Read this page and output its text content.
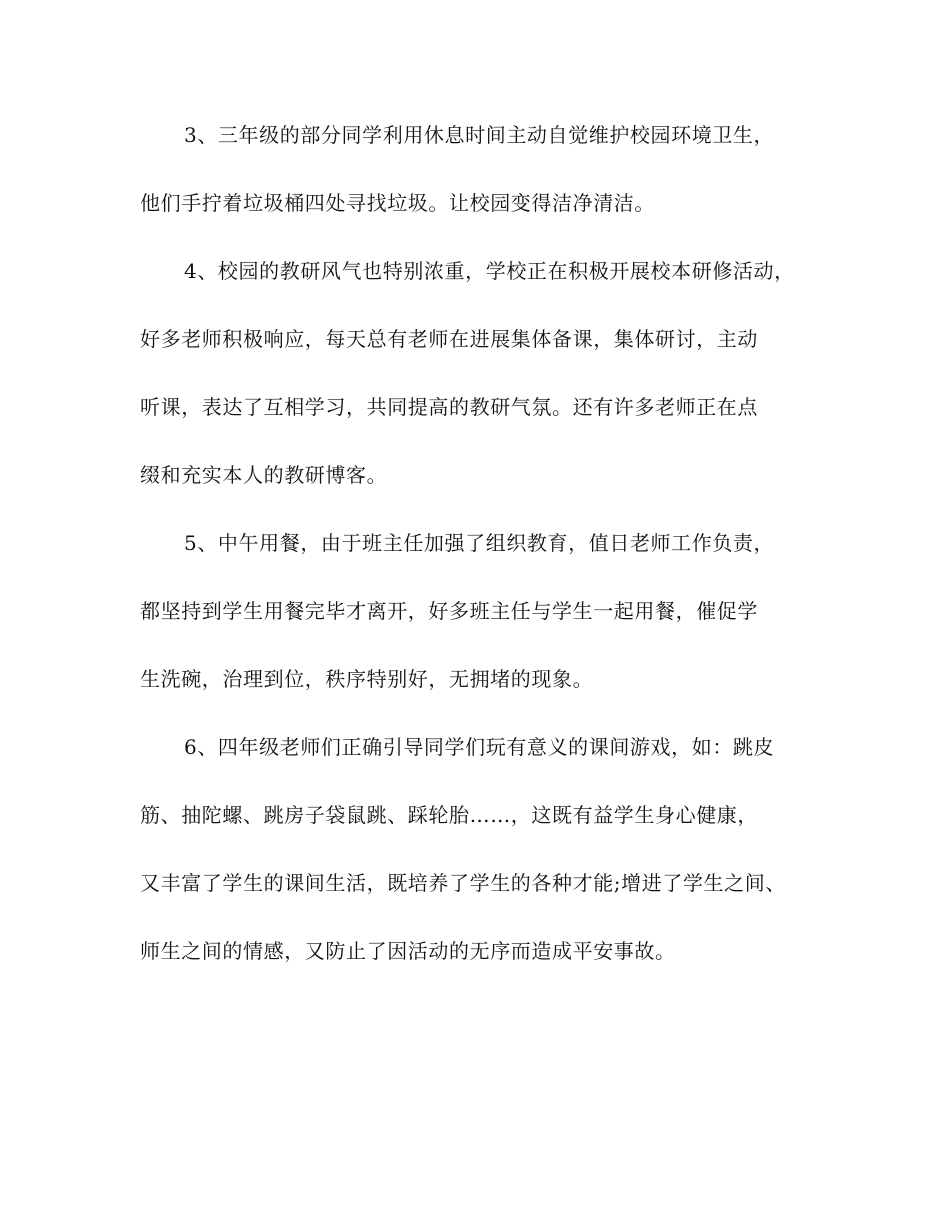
3、三年级的部分同学利用休息时间主动自觉维护校园环境卫生，
他们手拧着垃圾桶四处寻找垃圾。让校园变得洁净清洁。
4、校园的教研风气也特别浓重，学校正在积极开展校本研修活动，
好多老师积极响应，每天总有老师在进展集体备课，集体研讨，主动
听课，表达了互相学习，共同提高的教研气氛。还有许多老师正在点
缀和充实本人的教研博客。
5、中午用餐，由于班主任加强了组织教育，值日老师工作负责，
都坚持到学生用餐完毕才离开，好多班主任与学生一起用餐，催促学
生洗碗，治理到位，秩序特别好，无拥堵的现象。
6、四年级老师们正确引导同学们玩有意义的课间游戏，如：跳皮
筋、抽陀螺、跳房子袋鼠跳、踩轮胎……，这既有益学生身心健康，
又丰富了学生的课间生活，既培养了学生的各种才能;增进了学生之间、
师生之间的情感，又防止了因活动的无序而造成平安事故。
